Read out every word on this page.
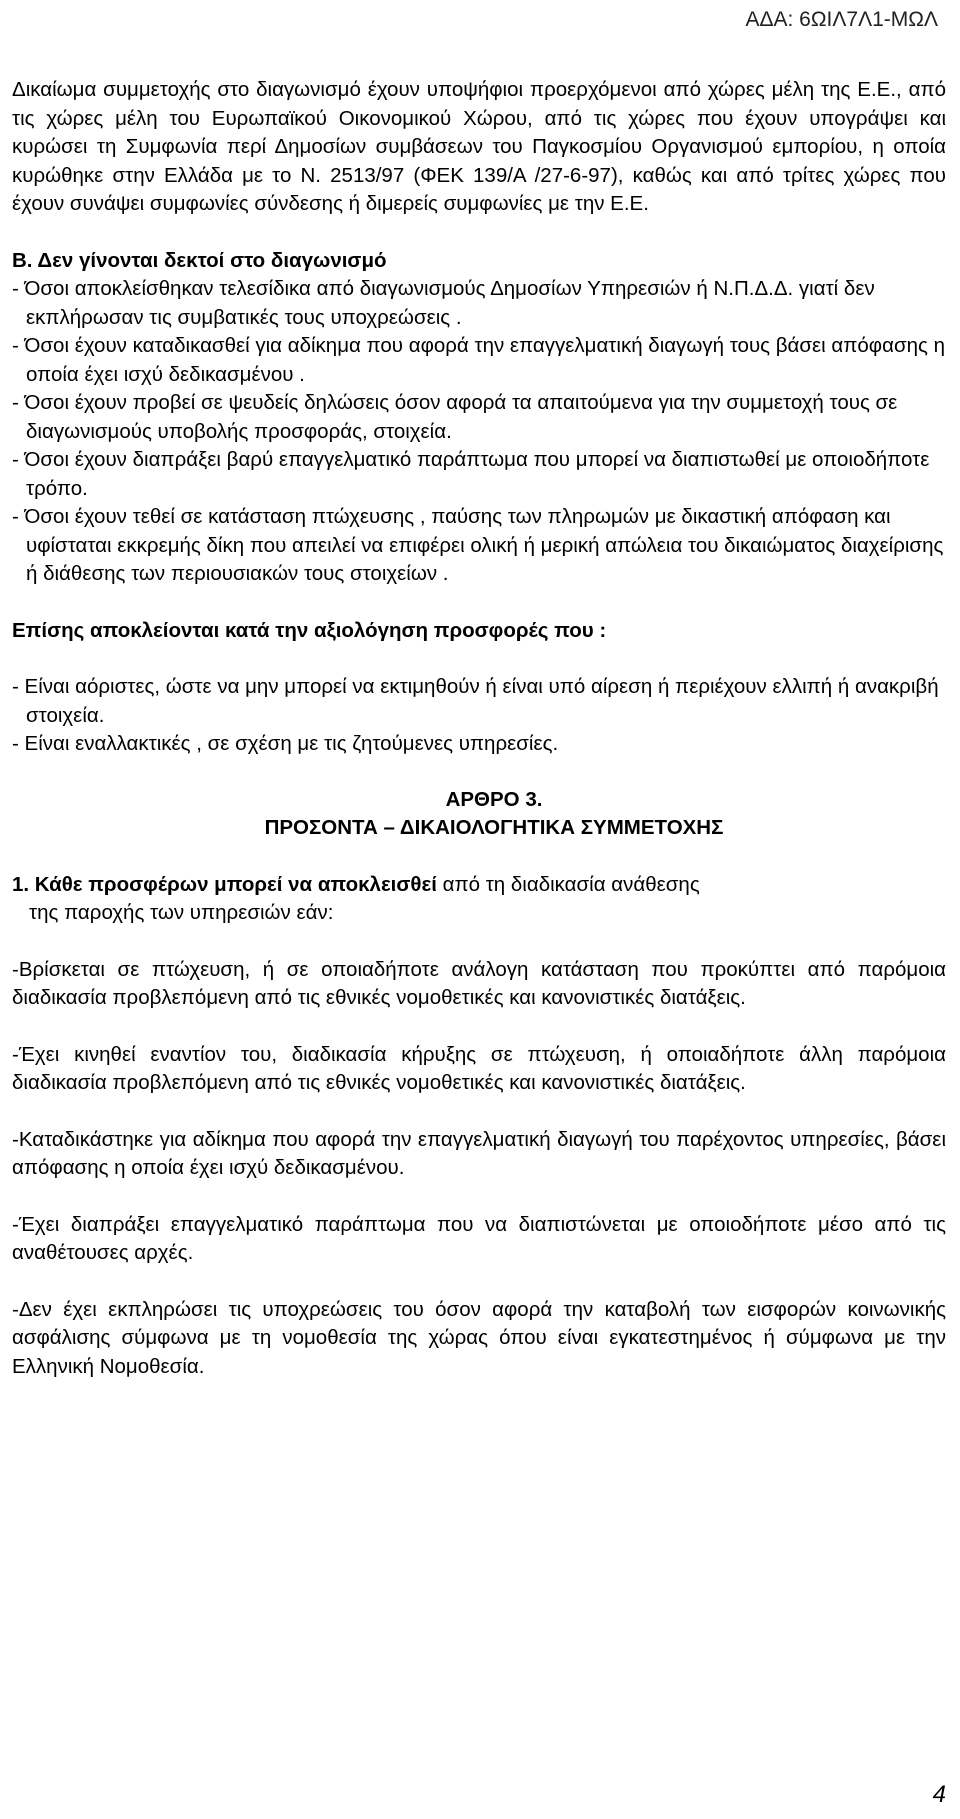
ΑΔΑ: 6ΩΙΛ7Λ1-ΜΩΛ

Δικαίωμα συμμετοχής στο διαγωνισμό έχουν υποψήφιοι προερχόμενοι από χώρες μέλη της Ε.Ε., από τις χώρες μέλη του Ευρωπαϊκού Οικονομικού Χώρου, από τις χώρες που έχουν υπογράψει και κυρώσει τη Συμφωνία περί Δημοσίων συμβάσεων του Παγκοσμίου Οργανισμού εμπορίου, η οποία κυρώθηκε στην Ελλάδα με το Ν. 2513/97 (ΦΕΚ 139/Α /27-6-97), καθώς και από τρίτες χώρες που έχουν συνάψει συμφωνίες σύνδεσης ή διμερείς συμφωνίες με την Ε.Ε.

Β. Δεν γίνονται δεκτοί στο διαγωνισμό

- Όσοι αποκλείσθηκαν τελεσίδικα από διαγωνισμούς Δημοσίων Υπηρεσιών ή Ν.Π.Δ.Δ. γιατί δεν εκπλήρωσαν τις συμβατικές τους υποχρεώσεις .
- Όσοι έχουν καταδικασθεί για αδίκημα που αφορά την επαγγελματική διαγωγή τους βάσει απόφασης η οποία έχει ισχύ δεδικασμένου .
- Όσοι έχουν προβεί σε ψευδείς δηλώσεις όσον αφορά τα απαιτούμενα για την συμμετοχή τους σε διαγωνισμούς υποβολής προσφοράς, στοιχεία.
- Όσοι έχουν διαπράξει βαρύ επαγγελματικό παράπτωμα που μπορεί να διαπιστωθεί με οποιοδήποτε τρόπο.
- Όσοι έχουν τεθεί σε κατάσταση πτώχευσης , παύσης των πληρωμών με δικαστική απόφαση και υφίσταται εκκρεμής δίκη που απειλεί να επιφέρει ολική ή μερική απώλεια του δικαιώματος διαχείρισης ή διάθεσης των περιουσιακών τους στοιχείων .

Επίσης αποκλείονται κατά την αξιολόγηση προσφορές που :

- Είναι αόριστες, ώστε να μην μπορεί να εκτιμηθούν ή είναι υπό αίρεση ή περιέχουν ελλιπή ή ανακριβή στοιχεία.
- Είναι εναλλακτικές , σε σχέση με τις ζητούμενες υπηρεσίες.

ΑΡΘΡΟ 3.

ΠΡΟΣΟΝΤΑ – ΔΙΚΑΙΟΛΟΓΗΤΙΚΑ ΣΥΜΜΕΤΟΧΗΣ

1. Κάθε προσφέρων μπορεί να αποκλεισθεί από τη διαδικασία ανάθεσης

της παροχής των υπηρεσιών εάν:

-Βρίσκεται σε πτώχευση, ή σε οποιαδήποτε ανάλογη κατάσταση που προκύπτει από παρόμοια διαδικασία προβλεπόμενη από τις εθνικές νομοθετικές και κανονιστικές διατάξεις.

-Έχει κινηθεί εναντίον του, διαδικασία κήρυξης σε πτώχευση, ή οποιαδήποτε άλλη παρόμοια διαδικασία προβλεπόμενη από τις εθνικές νομοθετικές και κανονιστικές διατάξεις.

-Καταδικάστηκε για αδίκημα που αφορά την επαγγελματική διαγωγή του παρέχοντος υπηρεσίες, βάσει απόφασης η οποία έχει ισχύ δεδικασμένου.

-Έχει διαπράξει επαγγελματικό παράπτωμα που να διαπιστώνεται με οποιοδήποτε μέσο από τις αναθέτουσες αρχές.

-Δεν έχει εκπληρώσει τις υποχρεώσεις του όσον αφορά την καταβολή των εισφορών κοινωνικής ασφάλισης σύμφωνα με τη νομοθεσία της χώρας όπου είναι εγκατεστημένος ή σύμφωνα με την Ελληνική Νομοθεσία.

4
